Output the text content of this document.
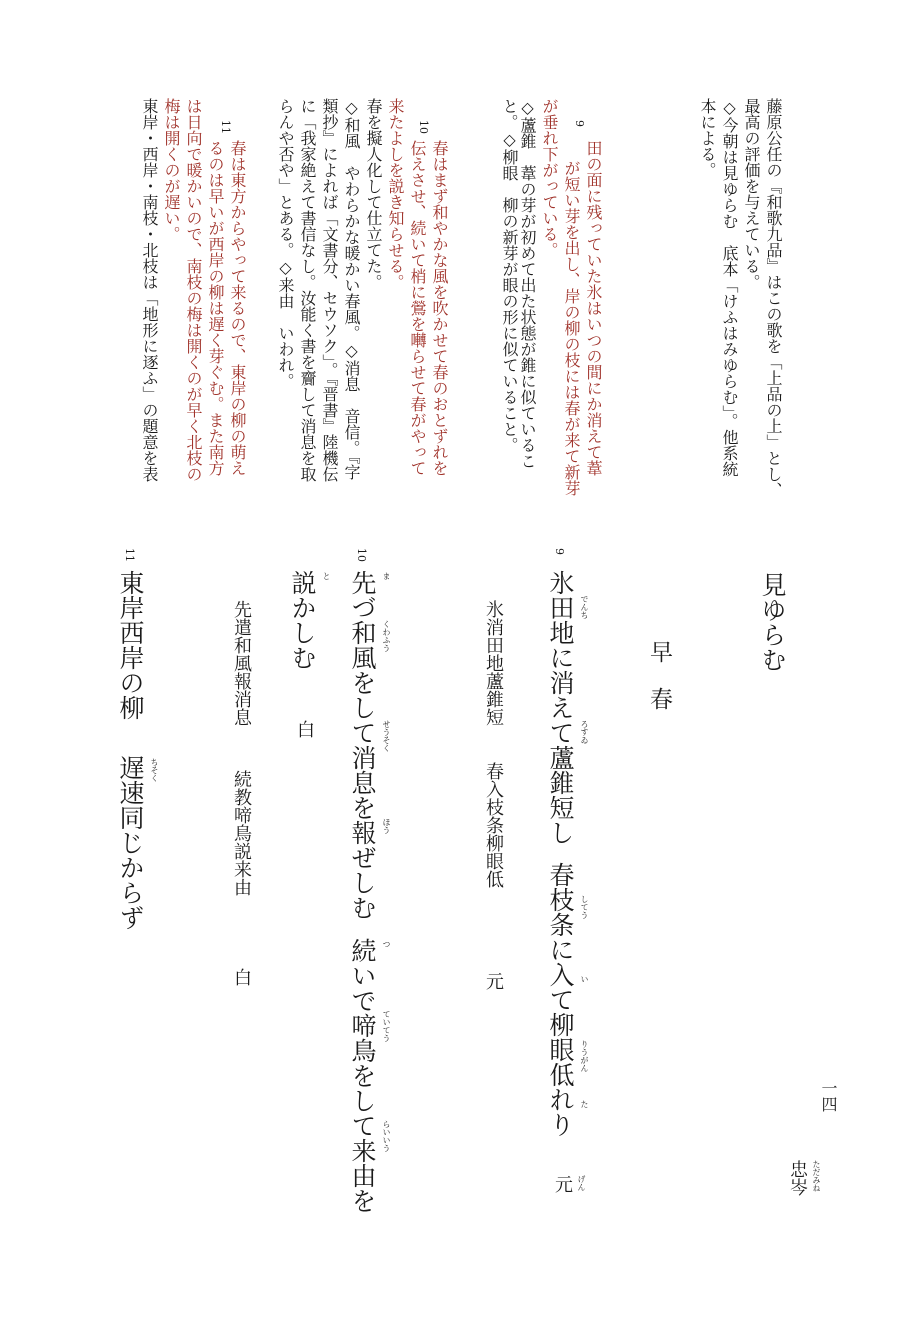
一四
忠岑 ただみね
藤原公任の『和歌九品』はこの歌を「上品の上」とし、
最高の評価を与えている。
◇今朝は見ゆらむ　底本「けふはみゆらむ」。他系統
本による。
9
田の面に残っていた氷はいつの間にか消えて葦
が短い芽を出し、岸の柳の枝には春が来て新芽
が垂れ下がっている。
◇蘆錐　葦の芽が初めて出た状態が錐に似ていること。◇柳眼　柳の新芽が眼の形に似ていること。
10
春はまず和やかな風を吹かせて春のおとずれを
伝えさせ、続いて梢に鶯を囀らせて春がやって
来たよしを説き知らせる。
春を擬人化して仕立てた。
◇和風　やわらかな暖かい春風。◇消息　音信。『字
類抄』によれば「文書分、セウソク」。『晋書』陸機伝
に「我家絶えて書信なし。汝能く書を齎して消息を取
らんや否や」とある。◇来由　いわれ。
11
春は東方からやって来るので、東岸の柳の萌え
るのは早いが西岸の柳は遅く芽ぐむ。また南方
は日向で暖かいので、南枝の梅は開くのが早く北枝の
梅は開くのが遅い。
東岸・西岸・南枝・北枝は「地形に逐ふ」の題意を表
見ゆらむ
早春
9
氷田地に消えて蘆錐短し
春枝条に入て柳眼低れり
元
氷消田地蘆錐短
春入枝条柳眼低
元
でんち
ろすゐ
してう
い
りうがん
た
げん
10
先づ和風をして消息を報ぜしむ
続いで啼鳥をして来由を
説かしむ
白
先遣和風報消息
続教啼鳥説来由
白
ま
くわふう
せうそく
ほう
つ
ていてう
らいいう
と
11
東岸西岸の柳
遅速同じからず ちそく
